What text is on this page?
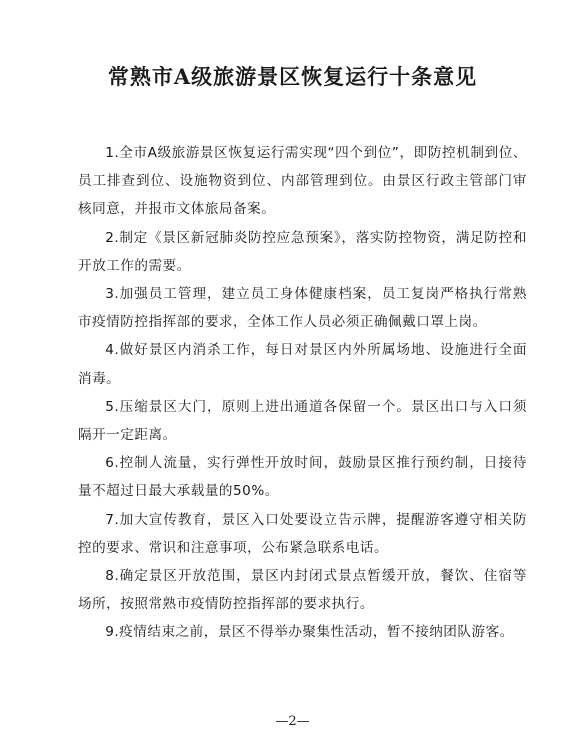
常熟市A级旅游景区恢复运行十条意见

1.全市A级旅游景区恢复运行需实现“四个到位”，即防控机制到位、员工排查到位、设施物资到位、内部管理到位。由景区行政主管部门审核同意，并报市文体旅局备案。

2.制定《景区新冠肺炎防控应急预案》，落实防控物资，满足防控和开放工作的需要。

3.加强员工管理，建立员工身体健康档案，员工复岗严格执行常熟市疫情防控指挥部的要求，全体工作人员必须正确佩戴口罩上岗。

4.做好景区内消杀工作，每日对景区内外所属场地、设施进行全面消毒。

5.压缩景区大门，原则上进出通道各保留一个。景区出口与入口须隔开一定距离。

6.控制人流量，实行弹性开放时间，鼓励景区推行预约制，日接待量不超过日最大承载量的50%。

7.加大宣传教育，景区入口处要设立告示牌，提醒游客遵守相关防控的要求、常识和注意事项，公布紧急联系电话。

8.确定景区开放范围，景区内封闭式景点暂缓开放，餐饮、住宿等场所，按照常熟市疫情防控指挥部的要求执行。

9.疫情结束之前，景区不得举办聚集性活动，暂不接纳团队游客。

—2—
